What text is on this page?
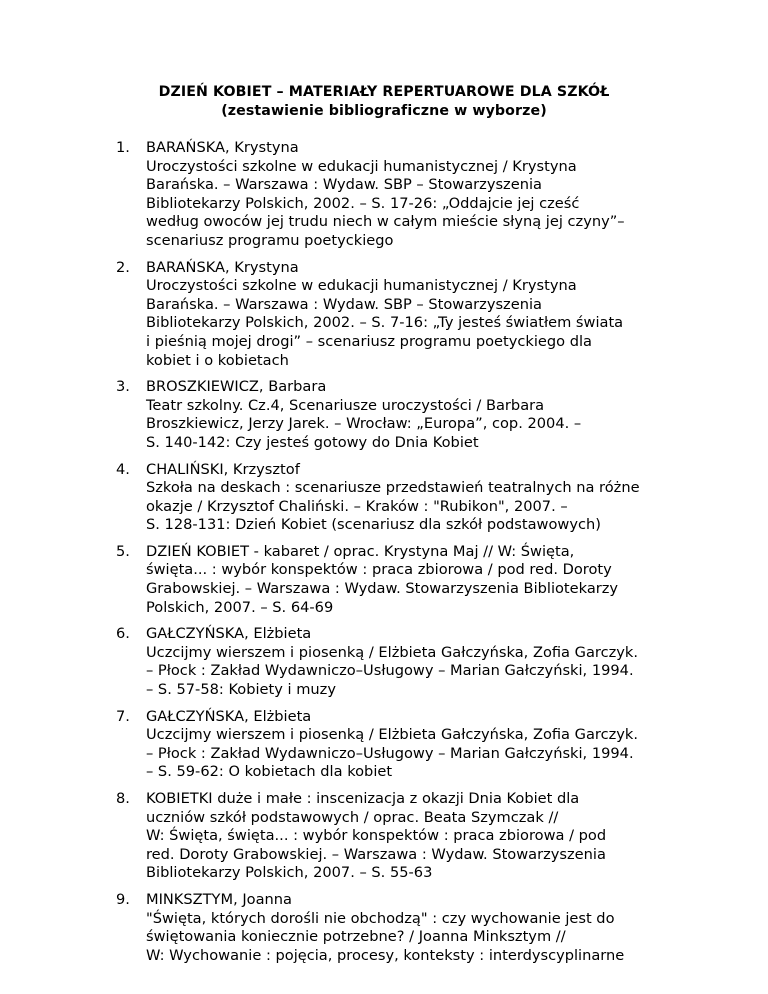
DZIEŃ KOBIET – MATERIAŁY REPERTUAROWE DLA SZKÓŁ
(zestawienie bibliograficzne w wyborze)
1. BARAŃSKA, Krystyna
Uroczystości szkolne w edukacji humanistycznej / Krystyna
Barańska. – Warszawa : Wydaw. SBP – Stowarzyszenia
Bibliotekarzy Polskich, 2002. – S. 17-26: „Oddajcie jej cześć
według owoców jej trudu niech w całym mieście słyną jej czyny”–
scenariusz programu poetyckiego
2. BARAŃSKA, Krystyna
Uroczystości szkolne w edukacji humanistycznej / Krystyna
Barańska. – Warszawa : Wydaw. SBP – Stowarzyszenia
Bibliotekarzy Polskich, 2002. – S. 7-16: „Ty jesteś światłem świata
i pieśnią mojej drogi” – scenariusz programu poetyckiego dla
kobiet i o kobietach
3. BROSZKIEWICZ, Barbara
Teatr szkolny. Cz.4, Scenariusze uroczystości / Barbara
Broszkiewicz, Jerzy Jarek. – Wrocław: „Europa”, cop. 2004. –
S. 140-142: Czy jesteś gotowy do Dnia Kobiet
4. CHALIŃSKI, Krzysztof
Szkoła na deskach : scenariusze przedstawień teatralnych na różne
okazje / Krzysztof Chaliński. – Kraków : "Rubikon", 2007. –
S. 128-131: Dzień Kobiet (scenariusz dla szkół podstawowych)
5. DZIEŃ KOBIET - kabaret / oprac. Krystyna Maj // W: Święta,
święta... : wybór konspektów : praca zbiorowa / pod red. Doroty
Grabowskiej. – Warszawa : Wydaw. Stowarzyszenia Bibliotekarzy
Polskich, 2007. – S. 64-69
6. GAŁCZYŃSKA, Elżbieta
Uczcijmy wierszem i piosenką / Elżbieta Gałczyńska, Zofia Garczyk.
– Płock : Zakład Wydawniczo–Usługowy – Marian Gałczyński, 1994.
– S. 57-58: Kobiety i muzy
7. GAŁCZYŃSKA, Elżbieta
Uczcijmy wierszem i piosenką / Elżbieta Gałczyńska, Zofia Garczyk.
– Płock : Zakład Wydawniczo–Usługowy – Marian Gałczyński, 1994.
– S. 59-62: O kobietach dla kobiet
8. KOBIETKI duże i małe : inscenizacja z okazji Dnia Kobiet dla
uczniów szkół podstawowych / oprac. Beata Szymczak //
W: Święta, święta... : wybór konspektów : praca zbiorowa / pod
red. Doroty Grabowskiej. – Warszawa : Wydaw. Stowarzyszenia
Bibliotekarzy Polskich, 2007. – S. 55-63
9. MINKSZTYM, Joanna
"Święta, których dorośli nie obchodzą" : czy wychowanie jest do
świętowania koniecznie potrzebne? / Joanna Minksztym //
W: Wychowanie : pojęcia, procesy, konteksty : interdyscyplinarne
